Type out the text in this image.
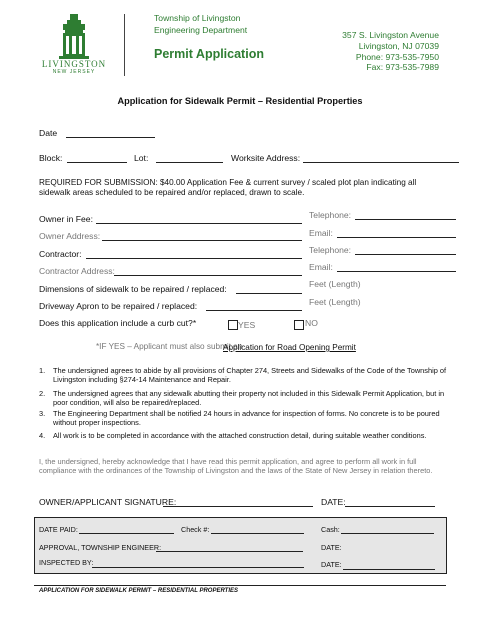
LIVINGSTON
NEW JERSEY
Township of Livingston
Engineering Department
Permit Application
357 S. Livingston Avenue
Livingston, NJ 07039
Phone: 973-535-7950
Fax: 973-535-7989
Application for Sidewalk Permit – Residential Properties
Date
Block:	Lot:	Worksite Address:
REQUIRED FOR SUBMISSION: $40.00 Application Fee & current survey / scaled plot plan indicating all sidewalk areas scheduled to be repaired and/or replaced, drawn to scale.
Owner in Fee:	Telephone:
Owner Address:	Email:
Contractor:	Telephone:
Contractor Address:	Email:
Dimensions of sidewalk to be repaired / replaced:	Feet (Length)
Driveway Apron to be repaired / replaced:	Feet (Length)
Does this application include a curb cut?*	YES	NO
*IF YES – Applicant must also submit an
Application for Road Opening Permit
1. The undersigned agrees to abide by all provisions of Chapter 274, Streets and Sidewalks of the Code of the Township of Livingston including §274-14 Maintenance and Repair.
2. The undersigned agrees that any sidewalk abutting their property not included in this Sidewalk Permit Application, but in poor condition, will also be repaired/replaced.
3. The Engineering Department shall be notified 24 hours in advance for inspection of forms. No concrete is to be poured without proper inspections.
4. All work is to be completed in accordance with the attached construction detail, during suitable weather conditions.
I, the undersigned, hereby acknowledge that I have read this permit application, and agree to perform all work in full compliance with the ordinances of the Township of Livingston and the laws of the State of New Jersey in relation thereto.
OWNER/APPLICANT SIGNATURE:	DATE:
DATE PAID:	Check #:	Cash:
APPROVAL, TOWNSHIP ENGINEER:	DATE:
INSPECTED BY:	DATE:
APPLICATION FOR SIDEWALK PERMIT – RESIDENTIAL PROPERTIES
